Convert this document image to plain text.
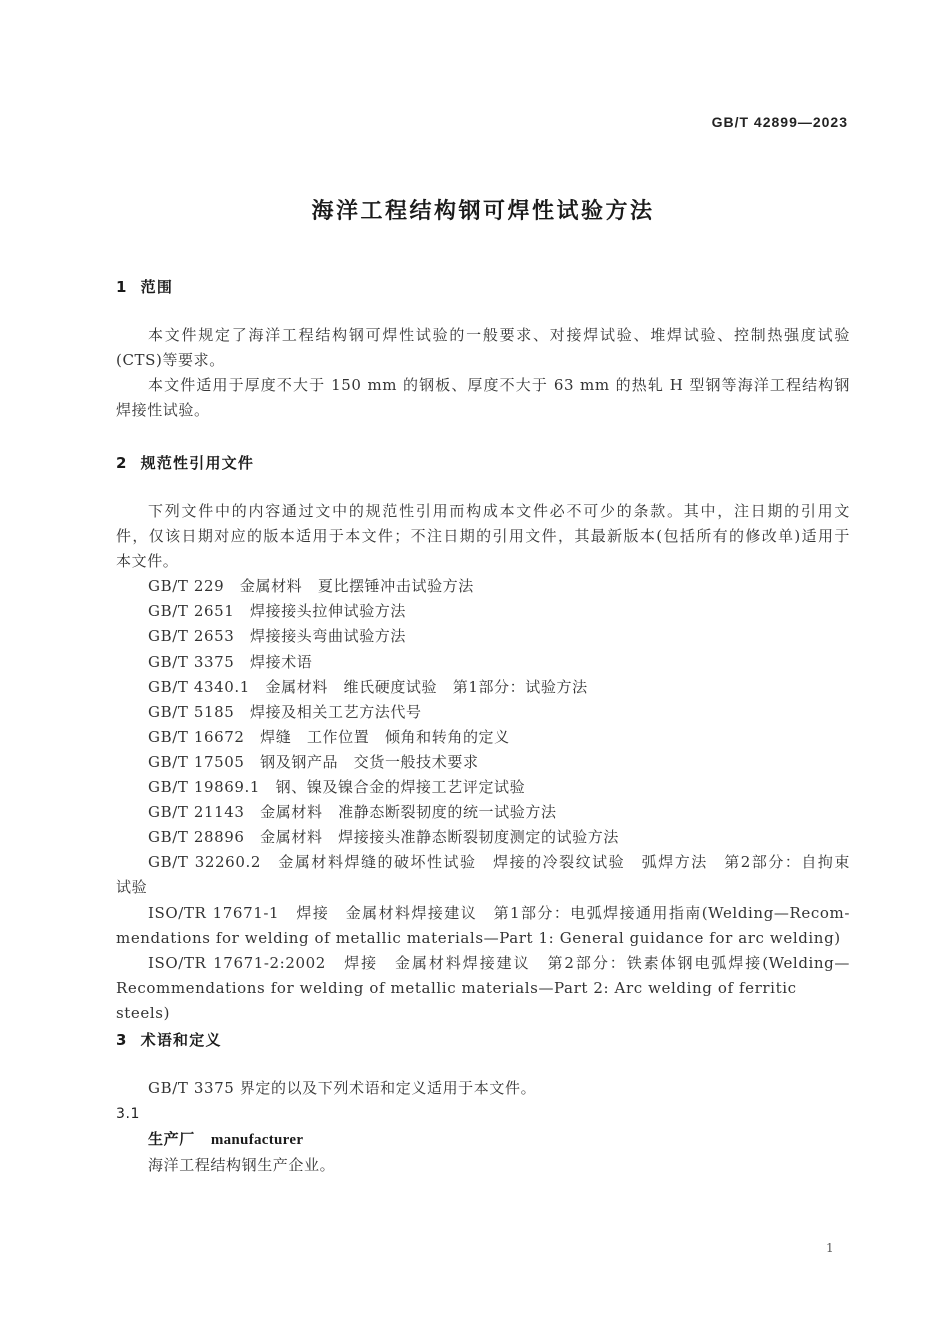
GB/T 42899—2023
海洋工程结构钢可焊性试验方法
1 范围
本文件规定了海洋工程结构钢可焊性试验的一般要求、对接焊试验、堆焊试验、控制热强度试验
(CTS)等要求。
本文件适用于厚度不大于 150 mm 的钢板、厚度不大于 63 mm 的热轧 H 型钢等海洋工程结构钢
焊接性试验。
2 规范性引用文件
下列文件中的内容通过文中的规范性引用而构成本文件必不可少的条款。其中，注日期的引用文
件，仅该日期对应的版本适用于本文件；不注日期的引用文件，其最新版本(包括所有的修改单)适用于
本文件。
GB/T 229　金属材料　夏比摆锤冲击试验方法
GB/T 2651　焊接接头拉伸试验方法
GB/T 2653　焊接接头弯曲试验方法
GB/T 3375　焊接术语
GB/T 4340.1　金属材料　维氏硬度试验　第1部分：试验方法
GB/T 5185　焊接及相关工艺方法代号
GB/T 16672　焊缝　工作位置　倾角和转角的定义
GB/T 17505　钢及钢产品　交货一般技术要求
GB/T 19869.1　钢、镍及镍合金的焊接工艺评定试验
GB/T 21143　金属材料　准静态断裂韧度的统一试验方法
GB/T 28896　金属材料　焊接接头准静态断裂韧度测定的试验方法
GB/T 32260.2　金属材料焊缝的破坏性试验　焊接的冷裂纹试验　弧焊方法　第2部分：自拘束
试验
ISO/TR 17671-1　焊接　金属材料焊接建议　第1部分：电弧焊接通用指南(Welding—Recom-
mendations for welding of metallic materials—Part 1: General guidance for arc welding)
ISO/TR 17671-2:2002　焊接　金属材料焊接建议　第2部分：铁素体钢电弧焊接(Welding—
Recommendations for welding of metallic materials—Part 2: Arc welding of ferritic steels)
3 术语和定义
GB/T 3375 界定的以及下列术语和定义适用于本文件。
3.1
生产厂 manufacturer
海洋工程结构钢生产企业。
1
